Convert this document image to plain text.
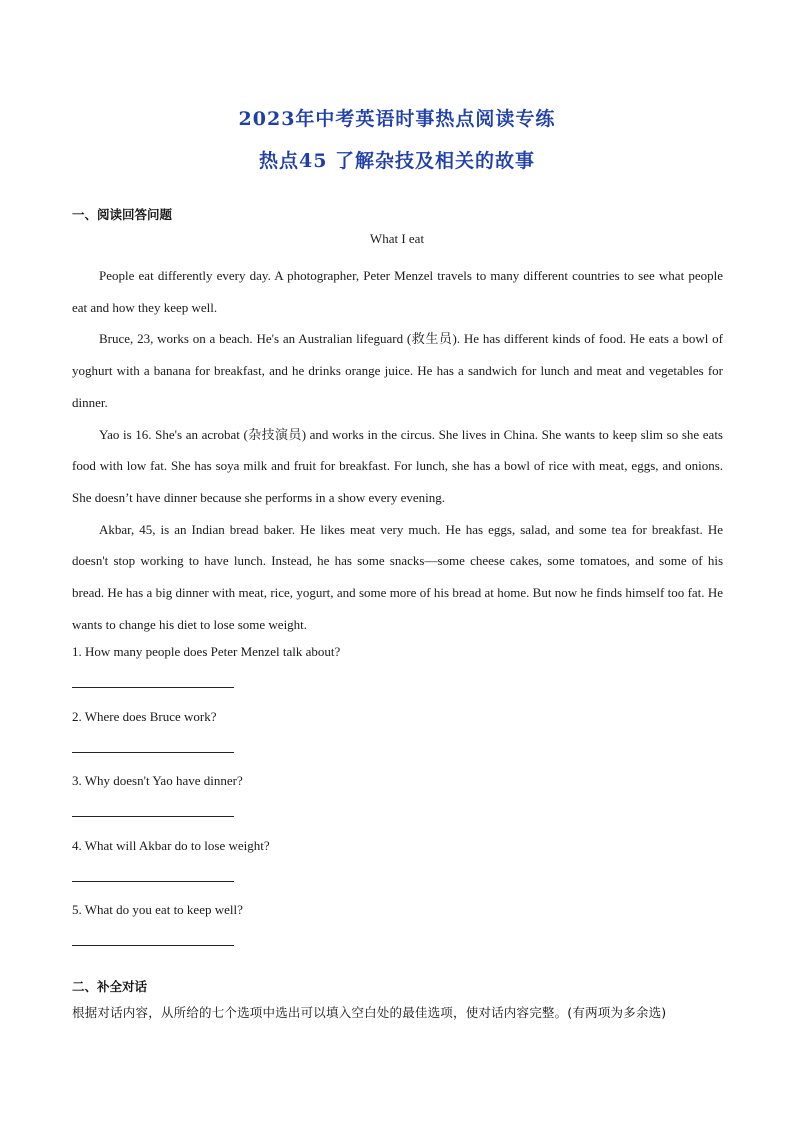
2023年中考英语时事热点阅读专练
热点45 了解杂技及相关的故事
一、阅读回答问题
What I eat

People eat differently every day. A photographer, Peter Menzel travels to many different countries to see what people eat and how they keep well.

Bruce, 23, works on a beach. He's an Australian lifeguard (救生员). He has different kinds of food. He eats a bowl of yoghurt with a banana for breakfast, and he drinks orange juice. He has a sandwich for lunch and meat and vegetables for dinner.

Yao is 16. She's an acrobat (杂技演员) and works in the circus. She lives in China. She wants to keep slim so she eats food with low fat. She has soya milk and fruit for breakfast. For lunch, she has a bowl of rice with meat, eggs, and onions. She doesn’t have dinner because she performs in a show every evening.

Akbar, 45, is an Indian bread baker. He likes meat very much. He has eggs, salad, and some tea for breakfast. He doesn't stop working to have lunch. Instead, he has some snacks—some cheese cakes, some tomatoes, and some of his bread. He has a big dinner with meat, rice, yogurt, and some more of his bread at home. But now he finds himself too fat. He wants to change his diet to lose some weight.

1. How many people does Peter Menzel talk about?
2. Where does Bruce work?
3. Why doesn't Yao have dinner?
4. What will Akbar do to lose weight?
5. What do you eat to keep well?
二、补全对话
根据对话内容，从所给的七个选项中选出可以填入空白处的最佳选项，使对话内容完整。(有两项为多余选)
